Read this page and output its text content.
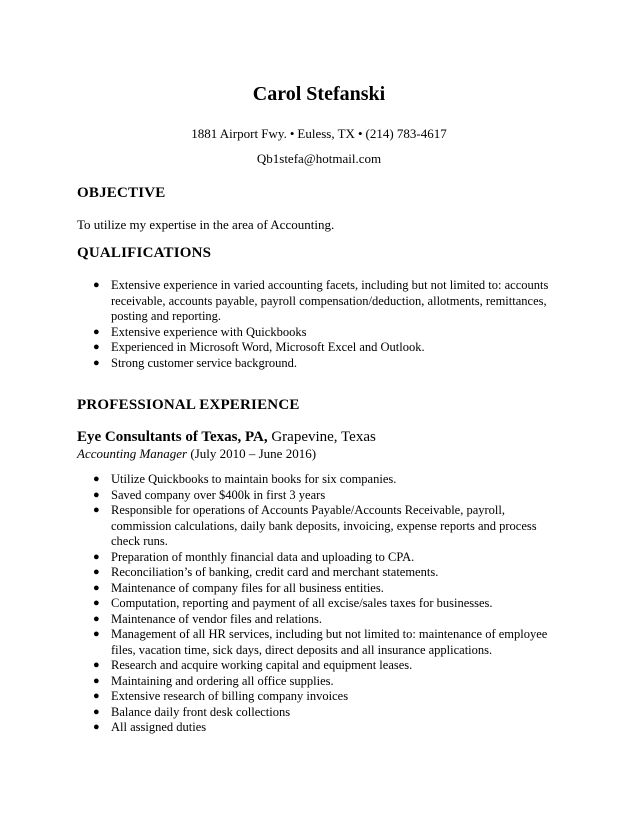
Carol Stefanski
1881 Airport Fwy. • Euless, TX • (214) 783-4617
Qb1stefa@hotmail.com
OBJECTIVE
To utilize my expertise in the area of Accounting.
QUALIFICATIONS
● Extensive experience in varied accounting facets, including but not limited to: accounts receivable, accounts payable, payroll compensation/deduction, allotments, remittances, posting and reporting.
● Extensive experience with Quickbooks
● Experienced in Microsoft Word, Microsoft Excel and Outlook.
● Strong customer service background.
PROFESSIONAL EXPERIENCE
Eye Consultants of Texas, PA, Grapevine, Texas
Accounting Manager (July 2010 – June 2016)
● Utilize Quickbooks to maintain books for six companies.
● Saved company over $400k in first 3 years
● Responsible for operations of Accounts Payable/Accounts Receivable, payroll, commission calculations, daily bank deposits, invoicing, expense reports and process check runs.
● Preparation of monthly financial data and uploading to CPA.
● Reconciliation’s of banking, credit card and merchant statements.
● Maintenance of company files for all business entities.
● Computation, reporting and payment of all excise/sales taxes for businesses.
● Maintenance of vendor files and relations.
● Management of all HR services, including but not limited to: maintenance of employee files, vacation time, sick days, direct deposits and all insurance applications.
● Research and acquire working capital and equipment leases.
● Maintaining and ordering all office supplies.
● Extensive research of billing company invoices
● Balance daily front desk collections
● All assigned duties
